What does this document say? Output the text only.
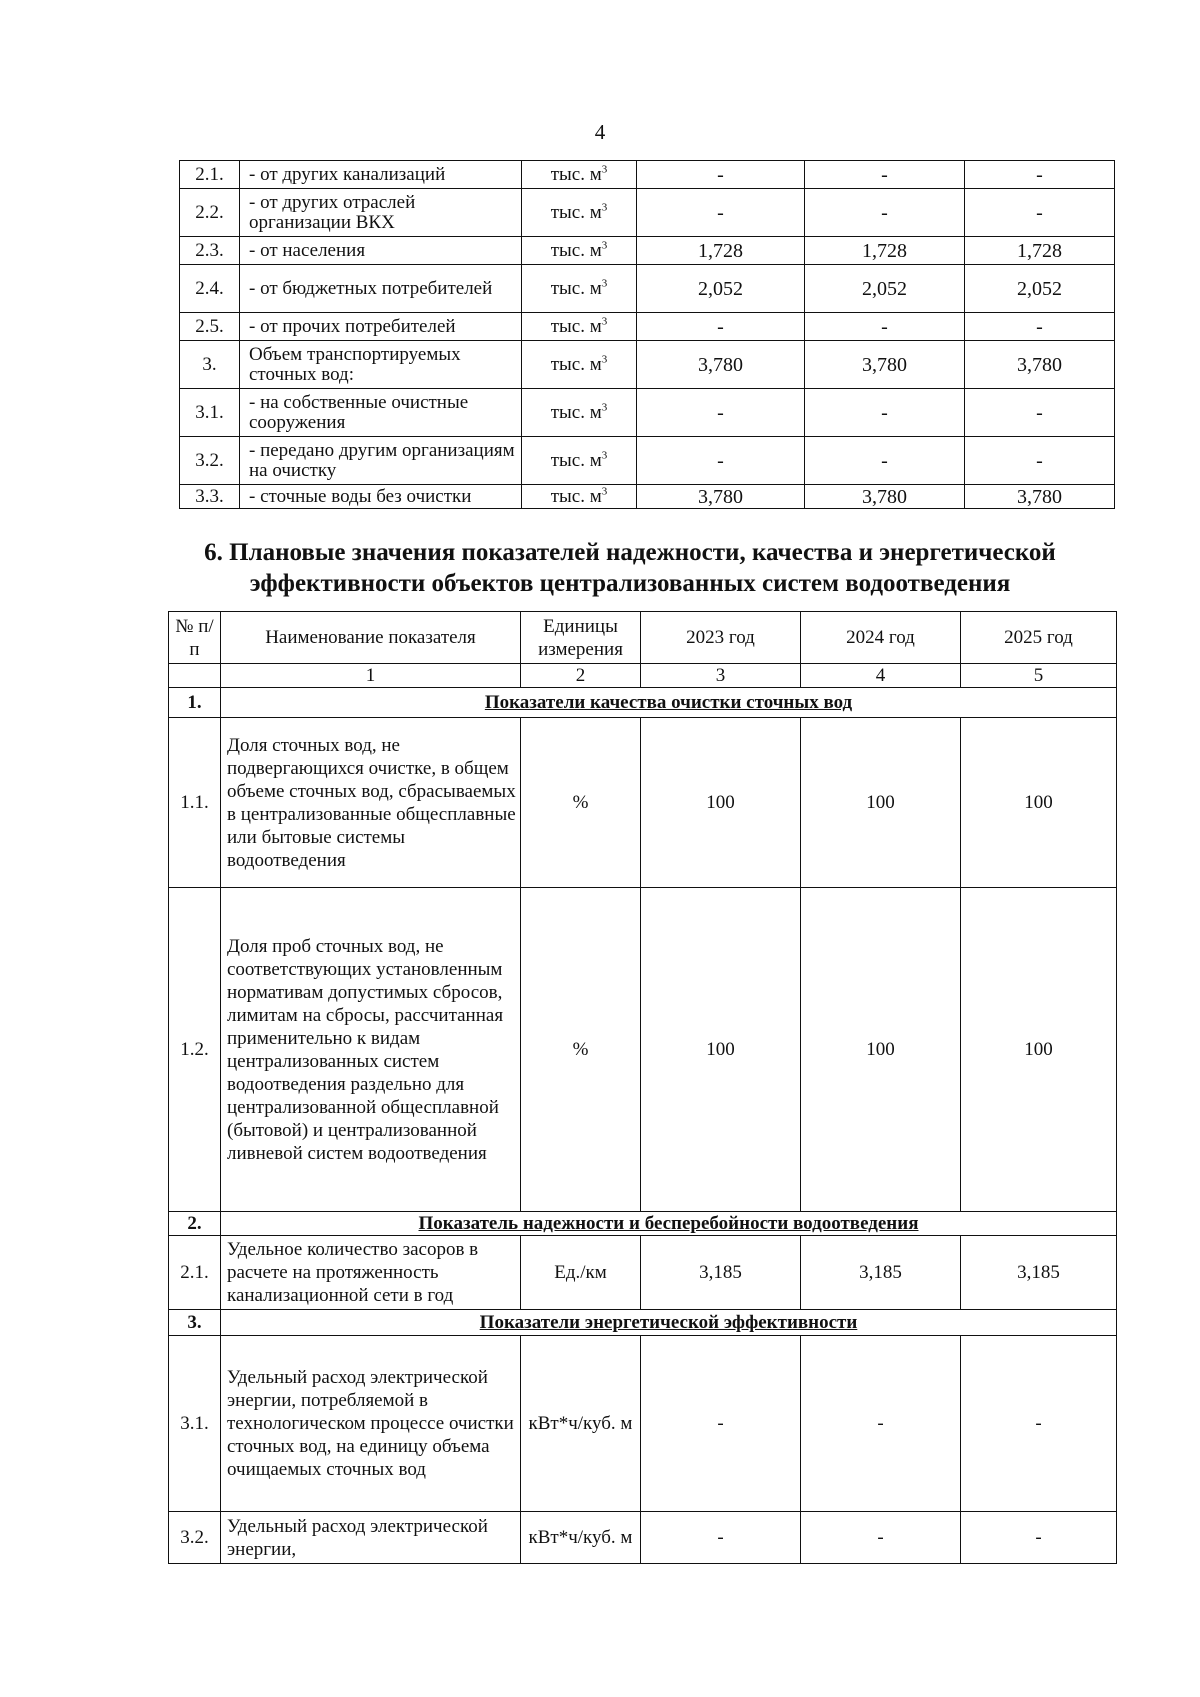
4
2.1.	- от других канализаций	тыс. $м^3$	-	-	-
2.2.	- от других отраслей организации ВКХ	тыс. $м^3$	-	-	-
2.3.	- от населения	тыс. $м^3$	1,728	1,728	1,728
2.4.	- от бюджетных потребителей	тыс. $м^3$	2,052	2,052	2,052
2.5.	- от прочих потребителей	тыс. $м^3$	-	-	-
3.	Объем транспортируемых сточных вод:	тыс. $м^3$	3,780	3,780	3,780
3.1.	- на собственные очистные сооружения	тыс. $м^3$	-	-	-
3.2.	- передано другим организациям на очистку	тыс. $м^3$	-	-	-
3.3.	- сточные воды без очистки	тыс. $м^3$	3,780	3,780	3,780
6. Плановые значения показателей надежности, качества и энергетической
эффективности объектов централизованных систем водоотведения
№ п/п	Наименование показателя	Единицы измерения	2023 год	2024 год	2025 год
	1	2	3	4	5
1.	Показатели качества очистки сточных вод				
1.1.	Доля сточных вод, не подвергающихся очистке, в общем объеме сточных вод, сбрасываемых в централизованные общесплавные или бытовые системы водоотведения	%	100	100	100
1.2.	Доля проб сточных вод, не соответствующих установленным нормативам допустимых сбросов, лимитам на сбросы, рассчитанная применительно к видам централизованных систем водоотведения раздельно для централизованной общесплавной (бытовой) и централизованной ливневой систем водоотведения	%	100	100	100
2.	Показатель надежности и бесперебойности водоотведения				
2.1.	Удельное количество засоров в расчете на протяженность канализационной сети в год	Ед./км	3,185	3,185	3,185
3.	Показатели энергетической эффективности				
3.1.	Удельный расход электрической энергии, потребляемой в технологическом процессе очистки сточных вод, на единицу объема очищаемых сточных вод	кВт*ч/куб. м	-	-	-
3.2.	Удельный расход электрической энергии,	кВт*ч/куб. м	-	-	-
